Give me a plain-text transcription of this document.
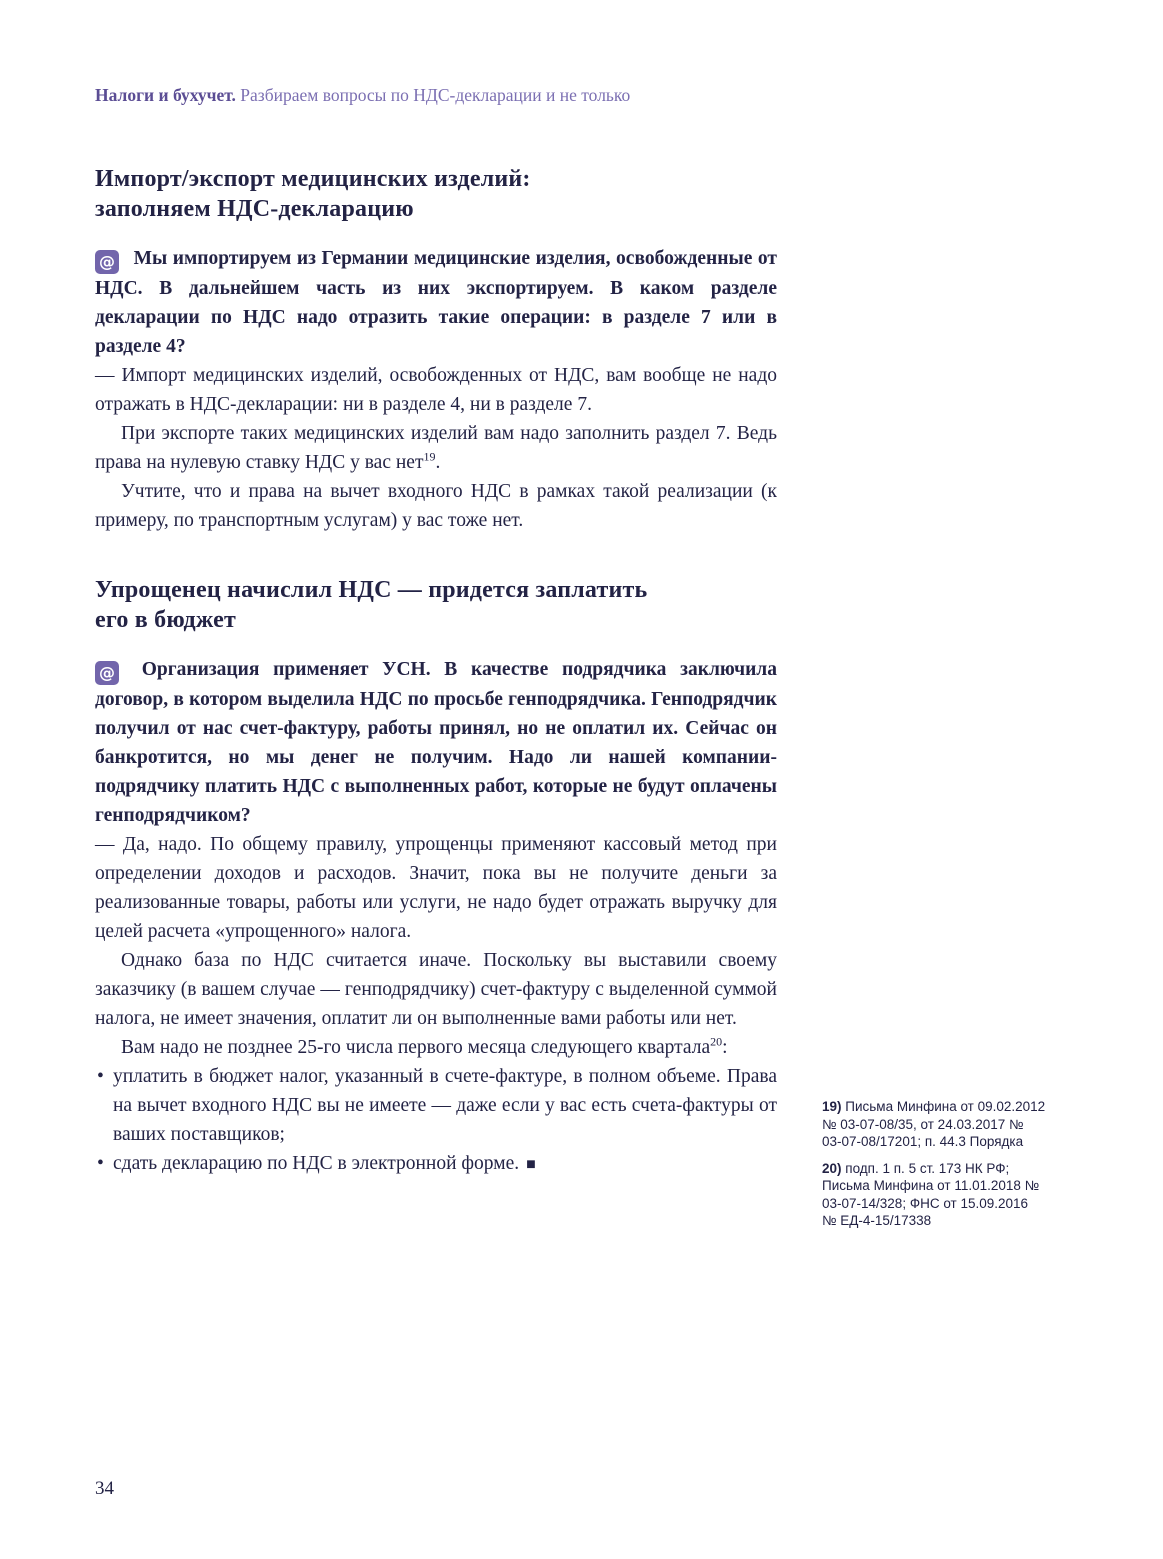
Налоги и бухучет. Разбираем вопросы по НДС-декларации и не только
Импорт/экспорт медицинских изделий:
заполняем НДС-декларацию

@ Мы импортируем из Германии медицинские изделия, освобожденные от НДС. В дальнейшем часть из них экспортируем. В каком разделе декларации по НДС надо отразить такие операции: в разделе 7 или в разделе 4?

— Импорт медицинских изделий, освобожденных от НДС, вам вообще не надо отражать в НДС-декларации: ни в разделе 4, ни в разделе 7.

При экспорте таких медицинских изделий вам надо заполнить раздел 7. Ведь права на нулевую ставку НДС у вас нет$^{19}$.

Учтите, что и права на вычет входного НДС в рамках такой реализации (к примеру, по транспортным услугам) у вас тоже нет.

Упрощенец начислил НДС — придется заплатить
его в бюджет

@ Организация применяет УСН. В качестве подрядчика заключила договор, в котором выделила НДС по просьбе генподрядчика. Генподрядчик получил от нас счет-фактуру, работы принял, но не оплатил их. Сейчас он банкротится, но мы денег не получим. Надо ли нашей компании-подрядчику платить НДС с выполненных работ, которые не будут оплачены генподрядчиком?

— Да, надо. По общему правилу, упрощенцы применяют кассовый метод при определении доходов и расходов. Значит, пока вы не получите деньги за реализованные товары, работы или услуги, не надо будет отражать выручку для целей расчета «упрощенного» налога.

Однако база по НДС считается иначе. Поскольку вы выставили своему заказчику (в вашем случае — генподрядчику) счет-фактуру с выделенной суммой налога, не имеет значения, оплатит ли он выполненные вами работы или нет.

Вам надо не позднее 25-го числа первого месяца следующего квартала$^{20}$:

• уплатить в бюджет налог, указанный в счете-фактуре, в полном объеме. Права на вычет входного НДС вы не имеете — даже если у вас есть счета-фактуры от ваших поставщиков;
• сдать декларацию по НДС в электронной форме. ■

19) Письма Минфина от 09.02.2012 № 03-07-08/35, от 24.03.2017 № 03-07-08/17201; п. 44.3 Порядка

20) подп. 1 п. 5 ст. 173 НК РФ; Письма Минфина от 11.01.2018 № 03-07-14/328; ФНС от 15.09.2016 № ЕД-4-15/17338

34
